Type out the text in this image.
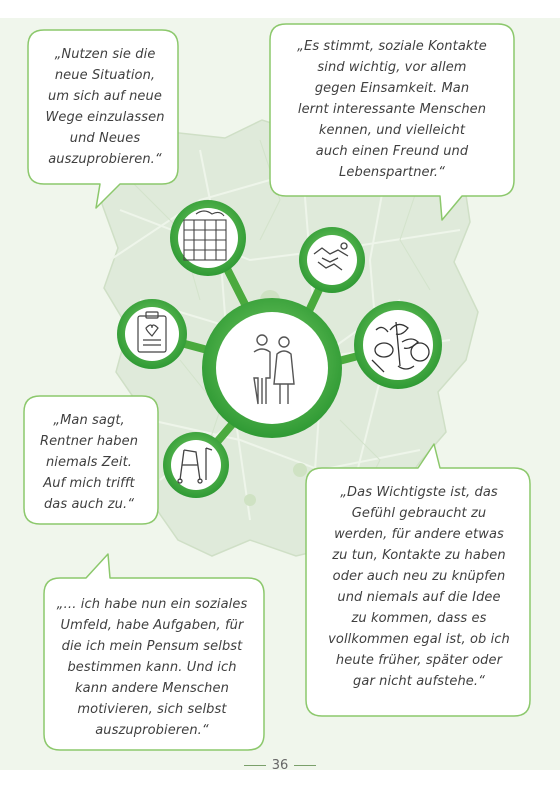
„Nutzen sie die
neue Situation,
um sich auf neue
Wege einzulassen
und Neues
auszuprobieren.“

„Es stimmt, soziale Kontakte
sind wichtig, vor allem
gegen Einsamkeit. Man
lernt interessante Menschen
kennen, und vielleicht
auch einen Freund und
Lebenspartner.“

„Man sagt,
Rentner haben
niemals Zeit.
Auf mich trifft
das auch zu.“

„Das Wichtigste ist, das
Gefühl gebraucht zu
werden, für andere etwas
zu tun, Kontakte zu haben
oder auch neu zu knüpfen
und niemals auf die Idee
zu kommen, dass es
vollkommen egal ist, ob ich
heute früher, später oder
gar nicht aufstehe.“

„… ich habe nun ein soziales
Umfeld, habe Aufgaben, für
die ich mein Pensum selbst
bestimmen kann. Und ich
kann andere Menschen
motivieren, sich selbst
auszuprobieren.“

36
